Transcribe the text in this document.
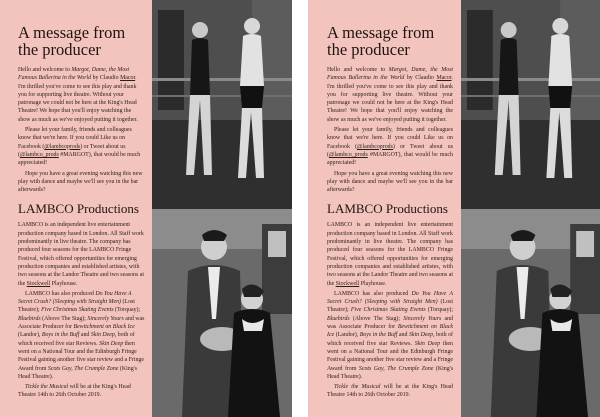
A message from
the producer

Hello and welcome to Margot, Dame, the Most Famous Ballerina in the World by Claudio Macor. I'm thrilled you've come to see this play and thank you for supporting live theatre. Without your patronage we could not be here at the King's Head Theatre! We hope that you'll enjoy watching the show as much as we've enjoyed putting it together.

Please let your family, friends and colleagues know that we're here. If you could Like us on Facebook (@lambcoprods) or Tweet about us (@lambco_prods #MARGOT), that would be much appreciated!

Hope you have a great evening watching this new play with dance and maybe we'll see you in the bar afterwards?

LAMBCO Productions

LAMBCO is an independent live entertainment production company based in London. All Staff work predominantly in live theatre. The company has produced four seasons for the LAMBCO Fringe Festival, which offered opportunities for emerging production companies and established artistes, with two seasons at the Landor Theatre and two seasons at the Stockwell Playhouse.

LAMBCO has also produced Do You Have A Secret Crush? (Sleeping with Straight Men) (Lost Theatre); Five Christmas Skating Events (Torquay); Bluebirds (Above The Stag); Sincerely Yours and was Associate Producer for Bewitchment on Black Ice (Landor), Boys in the Buff and Skin Deep, both of which received five star Reviews. Skin Deep then went on a National Tour and the Edinburgh Fringe Festival gaining another five star review and a Fringe Award from Scots Gay, The Crumple Zone (King's Head Theatre).

Tickle the Musical will be at the King's Head Theatre 14th to 26th October 2019.

A message from
the producer

Hello and welcome to Margot, Dame, the Most Famous Ballerina in the World by Claudio Macor. I'm thrilled you've come to see this play and thank you for supporting live theatre. Without your patronage we could not be here at the King's Head Theatre! We hope that you'll enjoy watching the show as much as we've enjoyed putting it together.

Please let your family, friends and colleagues know that we're here. If you could Like us on Facebook (@lambcoprods) or Tweet about us (@lambco_prods #MARGOT), that would be much appreciated!

Hope you have a great evening watching this new play with dance and maybe we'll see you in the bar afterwards?

LAMBCO Productions

LAMBCO is an independent live entertainment production company based in London. All Staff work predominantly in live theatre. The company has produced four seasons for the LAMBCO Fringe Festival, which offered opportunities for emerging production companies and established artistes, with two seasons at the Landor Theatre and two seasons at the Stockwell Playhouse.

LAMBCO has also produced Do You Have A Secret Crush? (Sleeping with Straight Men) (Lost Theatre); Five Christmas Skating Events (Torquay); Bluebirds (Above The Stag); Sincerely Yours and was Associate Producer for Bewitchment on Black Ice (Landor), Boys in the Buff and Skin Deep, both of which received five star Reviews. Skin Deep then went on a National Tour and the Edinburgh Fringe Festival gaining another five star review and a Fringe Award from Scots Gay, The Crumple Zone (King's Head Theatre).

Tickle the Musical will be at the King's Head Theatre 14th to 26th October 2019.
